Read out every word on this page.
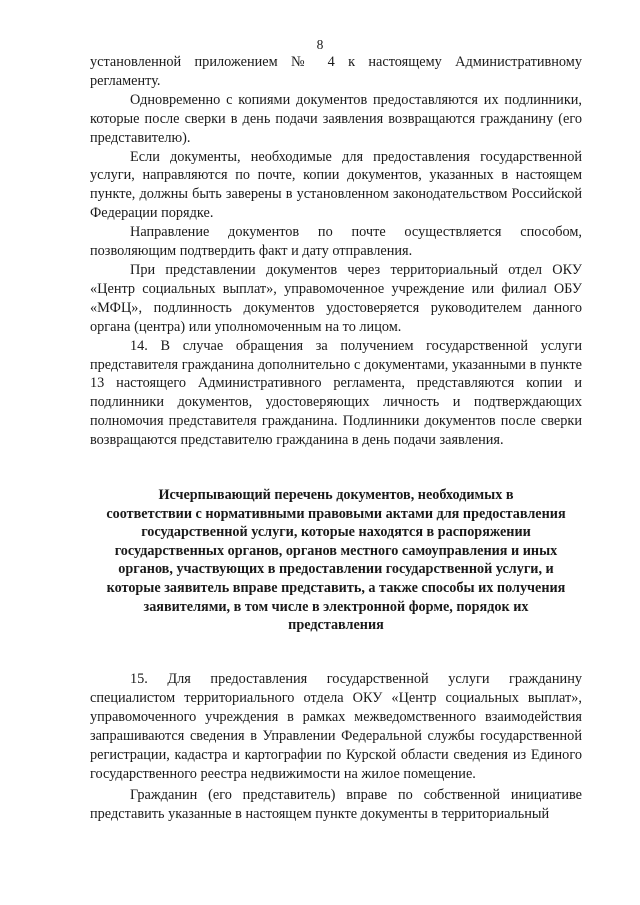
8

установленной приложением № 4 к настоящему Административному регламенту.

Одновременно с копиями документов предоставляются их подлинники, которые после сверки в день подачи заявления возвращаются гражданину (его представителю).

Если документы, необходимые для предоставления государственной услуги, направляются по почте, копии документов, указанных в настоящем пункте, должны быть заверены в установленном законодательством Российской Федерации порядке.

Направление документов по почте осуществляется способом, позволяющим подтвердить факт и дату отправления.

При представлении документов через территориальный отдел ОКУ «Центр социальных выплат», управомоченное учреждение или филиал ОБУ «МФЦ», подлинность документов удостоверяется руководителем данного органа (центра) или уполномоченным на то лицом.

14. В случае обращения за получением государственной услуги представителя гражданина дополнительно с документами, указанными в пункте 13 настоящего Административного регламента, представляются копии и подлинники документов, удостоверяющих личность и подтверждающих полномочия представителя гражданина. Подлинники документов после сверки возвращаются представителю гражданина в день подачи заявления.

Исчерпывающий перечень документов, необходимых в
соответствии с нормативными правовыми актами для предоставления
государственной услуги, которые находятся в распоряжении
государственных органов, органов местного самоуправления и иных
органов, участвующих в предоставлении государственной услуги, и
которые заявитель вправе представить, а также способы их получения
заявителями, в том числе в электронной форме, порядок их
представления

15. Для предоставления государственной услуги гражданину специалистом территориального отдела ОКУ «Центр социальных выплат», управомоченного учреждения в рамках межведомственного взаимодействия запрашиваются сведения в Управлении Федеральной службы государственной регистрации, кадастра и картографии по Курской области сведения из Единого государственного реестра недвижимости на жилое помещение.

Гражданин (его представитель) вправе по собственной инициативе представить указанные в настоящем пункте документы в территориальный
